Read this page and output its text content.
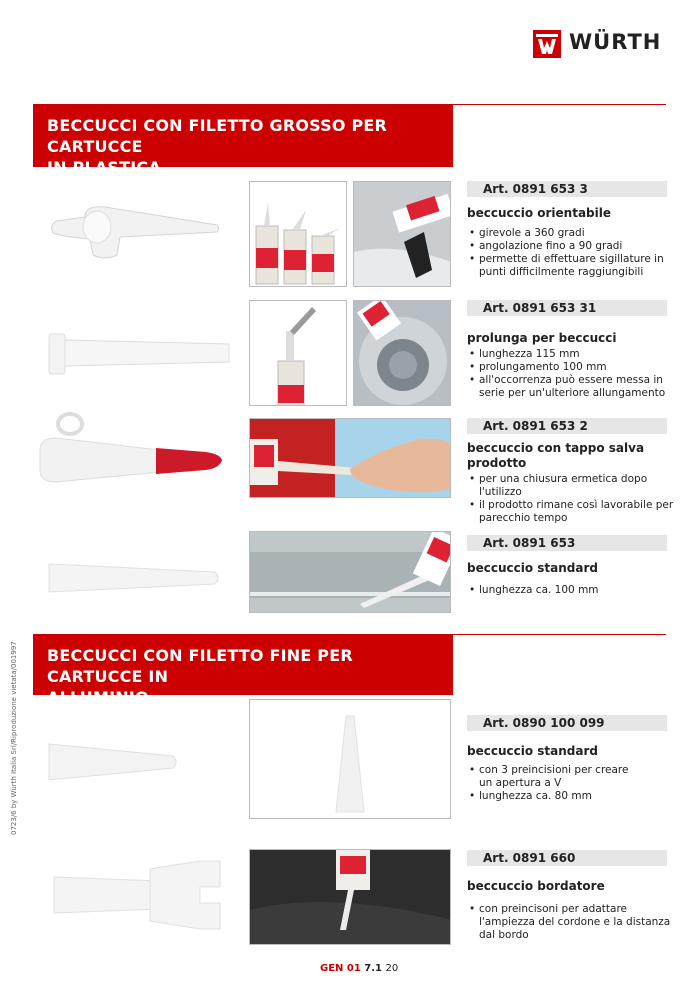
WÜRTH
BECCUCCI CON FILETTO GROSSO PER CARTUCCE
IN PLASTICA
Art. 0891 653 3
beccuccio orientabile
• girevole a 360 gradi
• angolazione fino a 90 gradi
• permette di effettuare sigillature in punti difficilmente raggiungibili
Art. 0891 653 31
prolunga per beccucci
• lunghezza 115 mm
• prolungamento 100 mm
• all'occorrenza può essere messa in serie per un'ulteriore allungamento
Art. 0891 653 2
beccuccio con tappo salva
prodotto
• per una chiusura ermetica dopo l'utilizzo
• il prodotto rimane così lavorabile per parecchio tempo
Art. 0891 653
beccuccio standard
• lunghezza ca. 100 mm
BECCUCCI CON FILETTO FINE PER CARTUCCE IN
ALLUMINIO
Art. 0890 100 099
beccuccio standard
• con 3 preincisioni per creare un apertura a V
• lunghezza ca. 80 mm
Art. 0891 660
beccuccio bordatore
• con preincisoni per adattare l'ampiezza del cordone e la distanza dal bordo
0723/6 by Würth Italia Srl/Riproduzione vietata/001997
GEN 01 7.1 20
